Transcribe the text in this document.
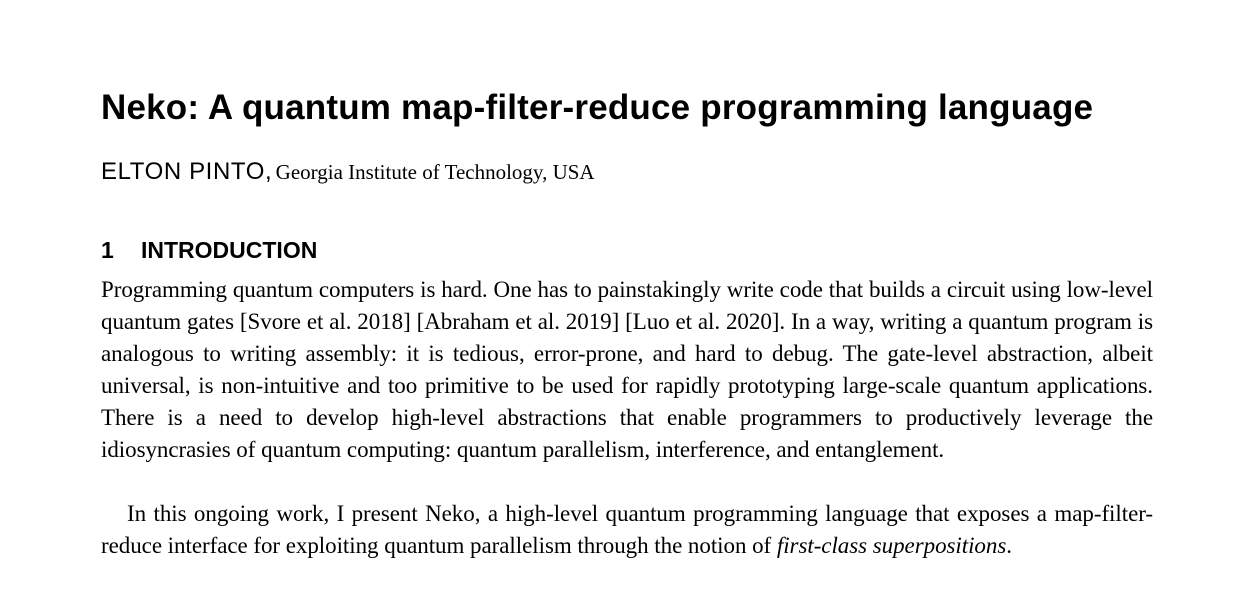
Neko: A quantum map-filter-reduce programming language
ELTON PINTO, Georgia Institute of Technology, USA
1 INTRODUCTION

Programming quantum computers is hard. One has to painstakingly write code that builds a circuit using low-level quantum gates [Svore et al. 2018] [Abraham et al. 2019] [Luo et al. 2020]. In a way, writing a quantum program is analogous to writing assembly: it is tedious, error-prone, and hard to debug. The gate-level abstraction, albeit universal, is non-intuitive and too primitive to be used for rapidly prototyping large-scale quantum applications. There is a need to develop high-level abstractions that enable programmers to productively leverage the idiosyncrasies of quantum computing: quantum parallelism, interference, and entanglement.

In this ongoing work, I present Neko, a high-level quantum programming language that exposes a map-filter-reduce interface for exploiting quantum parallelism through the notion of first-class superpositions.
